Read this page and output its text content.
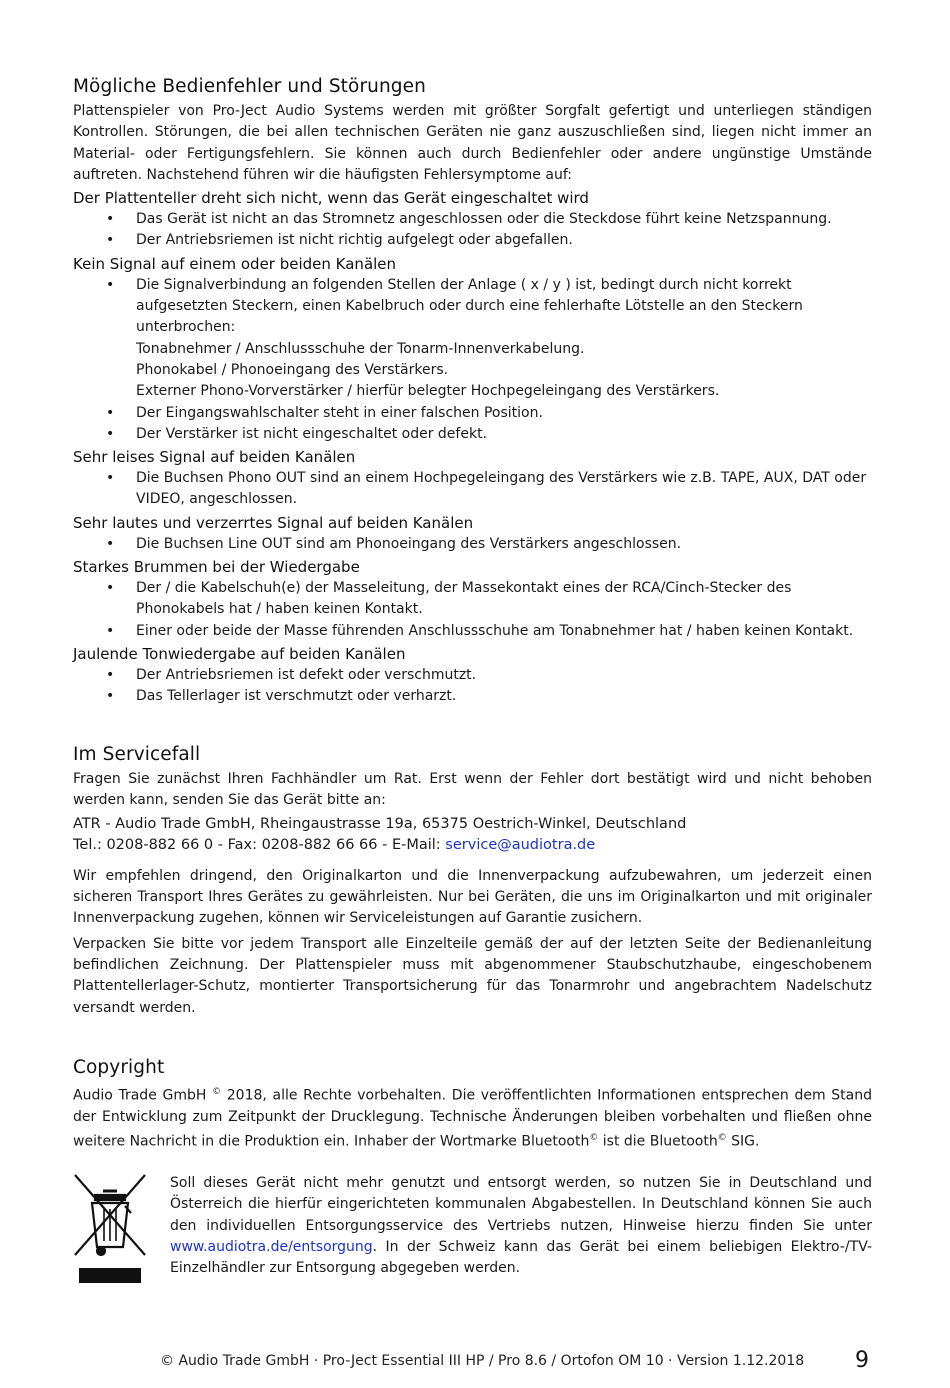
Mögliche Bedienfehler und Störungen

Plattenspieler von Pro-Ject Audio Systems werden mit größter Sorgfalt gefertigt und unterliegen ständigen Kontrollen. Störungen, die bei allen technischen Geräten nie ganz auszuschließen sind, liegen nicht immer an Material- oder Fertigungsfehlern. Sie können auch durch Bedienfehler oder andere ungünstige Umstände auftreten. Nachstehend führen wir die häufigsten Fehlersymptome auf:

Der Plattenteller dreht sich nicht, wenn das Gerät eingeschaltet wird
• Das Gerät ist nicht an das Stromnetz angeschlossen oder die Steckdose führt keine Netzspannung.
• Der Antriebsriemen ist nicht richtig aufgelegt oder abgefallen.
Kein Signal auf einem oder beiden Kanälen
• Die Signalverbindung an folgenden Stellen der Anlage ( x / y ) ist, bedingt durch nicht korrekt aufgesetzten Steckern, einen Kabelbruch oder durch eine fehlerhafte Lötstelle an den Steckern unterbrochen:
Tonabnehmer / Anschlussschuhe der Tonarm-Innenverkabelung.
Phonokabel / Phonoeingang des Verstärkers.
Externer Phono-Vorverstärker / hierfür belegter Hochpegeleingang des Verstärkers.
• Der Eingangswahlschalter steht in einer falschen Position.
• Der Verstärker ist nicht eingeschaltet oder defekt.
Sehr leises Signal auf beiden Kanälen
• Die Buchsen Phono OUT sind an einem Hochpegeleingang des Verstärkers wie z.B. TAPE, AUX, DAT oder VIDEO, angeschlossen.
Sehr lautes und verzerrtes Signal auf beiden Kanälen
• Die Buchsen Line OUT sind am Phonoeingang des Verstärkers angeschlossen.
Starkes Brummen bei der Wiedergabe
• Der / die Kabelschuh(e) der Masseleitung, der Massekontakt eines der RCA/Cinch-Stecker des Phonokabels hat / haben keinen Kontakt.
• Einer oder beide der Masse führenden Anschlussschuhe am Tonabnehmer hat / haben keinen Kontakt.
Jaulende Tonwiedergabe auf beiden Kanälen
• Der Antriebsriemen ist defekt oder verschmutzt.
• Das Tellerlager ist verschmutzt oder verharzt.
Im Servicefall

Fragen Sie zunächst Ihren Fachhändler um Rat. Erst wenn der Fehler dort bestätigt wird und nicht behoben werden kann, senden Sie das Gerät bitte an:

ATR - Audio Trade GmbH, Rheingaustrasse 19a, 65375 Oestrich-Winkel, Deutschland

Tel.: 0208-882 66 0 - Fax: 0208-882 66 66 - E-Mail: service@audiotra.de

Wir empfehlen dringend, den Originalkarton und die Innenverpackung aufzubewahren, um jederzeit einen sicheren Transport Ihres Gerätes zu gewährleisten. Nur bei Geräten, die uns im Originalkarton und mit originaler Innenverpackung zugehen, können wir Serviceleistungen auf Garantie zusichern.

Verpacken Sie bitte vor jedem Transport alle Einzelteile gemäß der auf der letzten Seite der Bedienanleitung befindlichen Zeichnung. Der Plattenspieler muss mit abgenommener Staubschutzhaube, eingeschobenem Plattentellerlager-Schutz, montierter Transportsicherung für das Tonarmrohr und angebrachtem Nadelschutz versandt werden.

Copyright

Audio Trade GmbH © 2018, alle Rechte vorbehalten. Die veröffentlichten Informationen entsprechen dem Stand der Entwicklung zum Zeitpunkt der Drucklegung. Technische Änderungen bleiben vorbehalten und fließen ohne weitere Nachricht in die Produktion ein. Inhaber der Wortmarke Bluetooth© ist die Bluetooth© SIG.

Soll dieses Gerät nicht mehr genutzt und entsorgt werden, so nutzen Sie in Deutschland und Österreich die hierfür eingerichteten kommunalen Abgabestellen. In Deutschland können Sie auch den individuellen Entsorgungsservice des Vertriebs nutzen, Hinweise hierzu finden Sie unter www.audiotra.de/entsorgung. In der Schweiz kann das Gerät bei einem beliebigen Elektro-/TV-Einzelhändler zur Entsorgung abgegeben werden.

© Audio Trade GmbH · Pro-Ject Essential III HP / Pro 8.6 / Ortofon OM 10 · Version 1.12.2018 9
